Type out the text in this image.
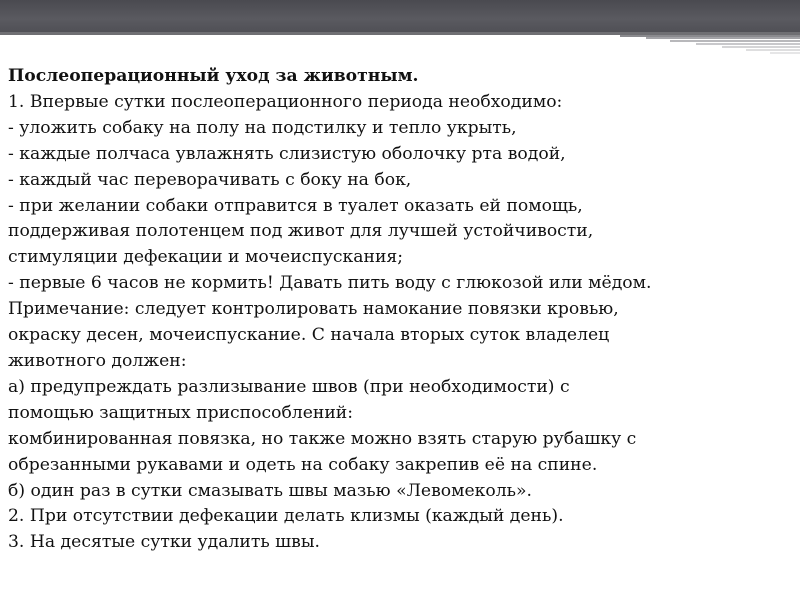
Послеоперационный уход за животным.
1. Впервые сутки послеоперационного периода необходимо:
- уложить собаку на полу на подстилку и тепло укрыть,
- каждые полчаса увлажнять слизистую оболочку рта водой,
- каждый час переворачивать с боку на бок,
- при желании собаки отправится в туалет оказать ей помощь,
поддерживая полотенцем под живот для лучшей устойчивости,
стимуляции дефекации и мочеиспускания;
- первые 6 часов не кормить! Давать пить воду с глюкозой или мёдом.
Примечание: следует контролировать намокание повязки кровью,
окраску десен, мочеиспускание. С начала вторых суток владелец
животного должен:
а) предупреждать разлизывание швов (при необходимости) с
помощью защитных приспособлений:
комбинированная повязка, но также можно взять старую рубашку с
обрезанными рукавами и одеть на собаку закрепив её на спине.
б) один раз в сутки смазывать швы мазью «Левомеколь».
2. При отсутствии дефекации делать клизмы (каждый день).
3. На десятые сутки удалить швы.
